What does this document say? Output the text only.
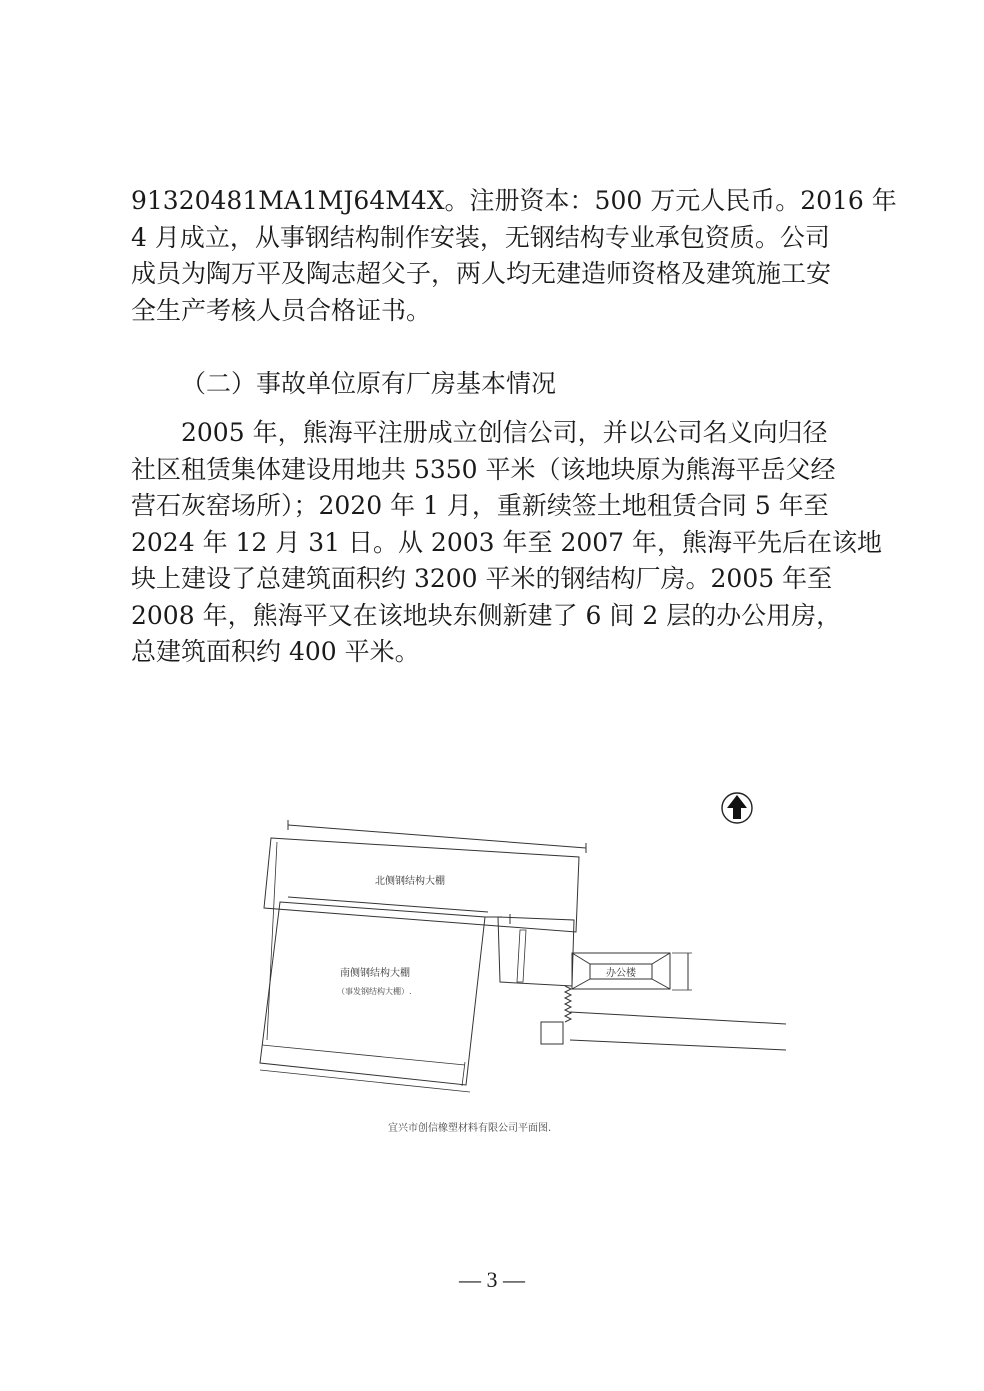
91320481MA1MJ64M4X。注册资本：500 万元人民币。2016 年
4 月成立，从事钢结构制作安装，无钢结构专业承包资质。公司
成员为陶万平及陶志超父子，两人均无建造师资格及建筑施工安
全生产考核人员合格证书。
（二）事故单位原有厂房基本情况
2005 年，熊海平注册成立创信公司，并以公司名义向归径
社区租赁集体建设用地共 5350 平米（该地块原为熊海平岳父经
营石灰窑场所）；2020 年 1 月，重新续签土地租赁合同 5 年至
2024 年 12 月 31 日。从 2003 年至 2007 年，熊海平先后在该地
块上建设了总建筑面积约 3200 平米的钢结构厂房。2005 年至
2008 年，熊海平又在该地块东侧新建了 6 间 2 层的办公用房，
总建筑面积约 400 平米。
北侧钢结构大棚
南侧钢结构大棚
（事发钢结构大棚）.
办公楼
宜兴市创信橡塑材料有限公司平面图.
— 3 —
